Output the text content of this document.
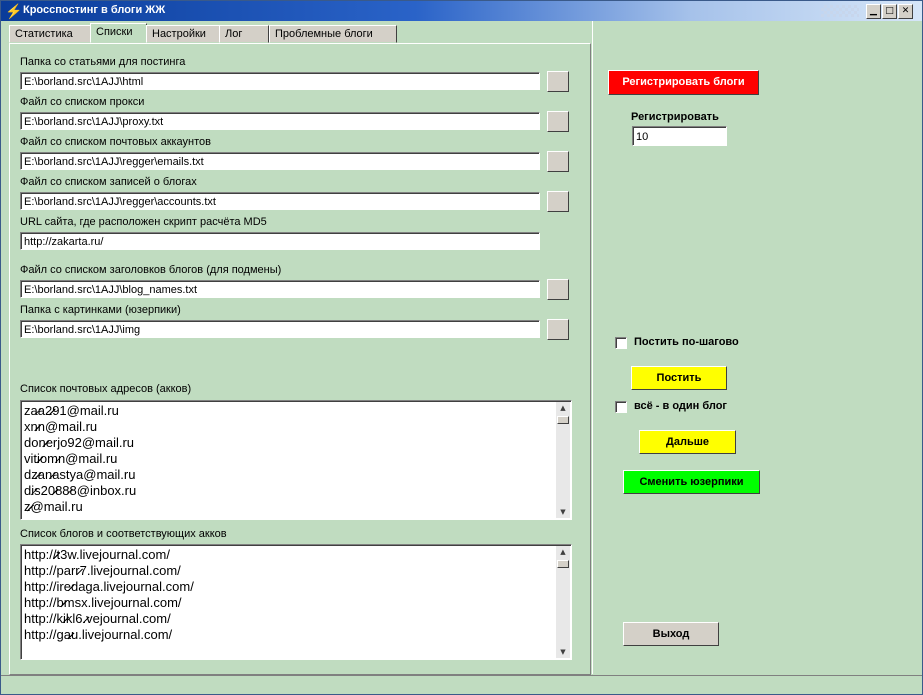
⚡ Кросспостинг в блоги ЖЖ	▁ □ ✕
Статистика	Списки	Настройки	Лог	Проблемные блоги
Папка со статьями для постинга
E:\borland.src\1AJJ\html
Файл со списком прокси
E:\borland.src\1AJJ\proxy.txt
Файл со списком почтовых аккаунтов
E:\borland.src\1AJJ\regger\emails.txt
Файл со списком записей о блогах
E:\borland.src\1AJJ\regger\accounts.txt
URL сайта, где расположен скрипт расчёта MD5
http://zakarta.ru/
Файл со списком заголовков блогов (для подмены)
E:\borland.src\1AJJ\blog_names.txt
Папка с картинками (юзерпики)
E:\borland.src\1AJJ\img
Список почтовых адресов (акков)
zа̷а2̷̷̷̷̷91@mail.ru
xn̷̷̷̷̷n@mail.ru
don̷̷̷̷erjo92@mail.ru
viti̷̷̷̷om̷n@mail.ru
dz̷̷̷an̷̷astya@mail.ru
di̷s20̷̷̷88̷8@inbox.ru
z̷̷̷̷̷̷̷̷̷̷̷̷@mail.ru
▲
▼
Список блогов и соответствующих акков
http://̷̷̷̷̷t3w.livejournal.com/
http://parr̷̷7.livejournal.com/
http://ire̷̷daga.livejournal.com/
http://b̷̷̷̷̷msx.livejournal.com/
http://ki̷̷kl6.̷̷vejournal.com/
http://ga̷̷̷̷̷u.livejournal.com/
▲
▼
Регистрировать блоги
Регистрировать
10
Постить по-шагово
Постить
всё - в один блог
Дальше
Сменить юзерпики
Выход
